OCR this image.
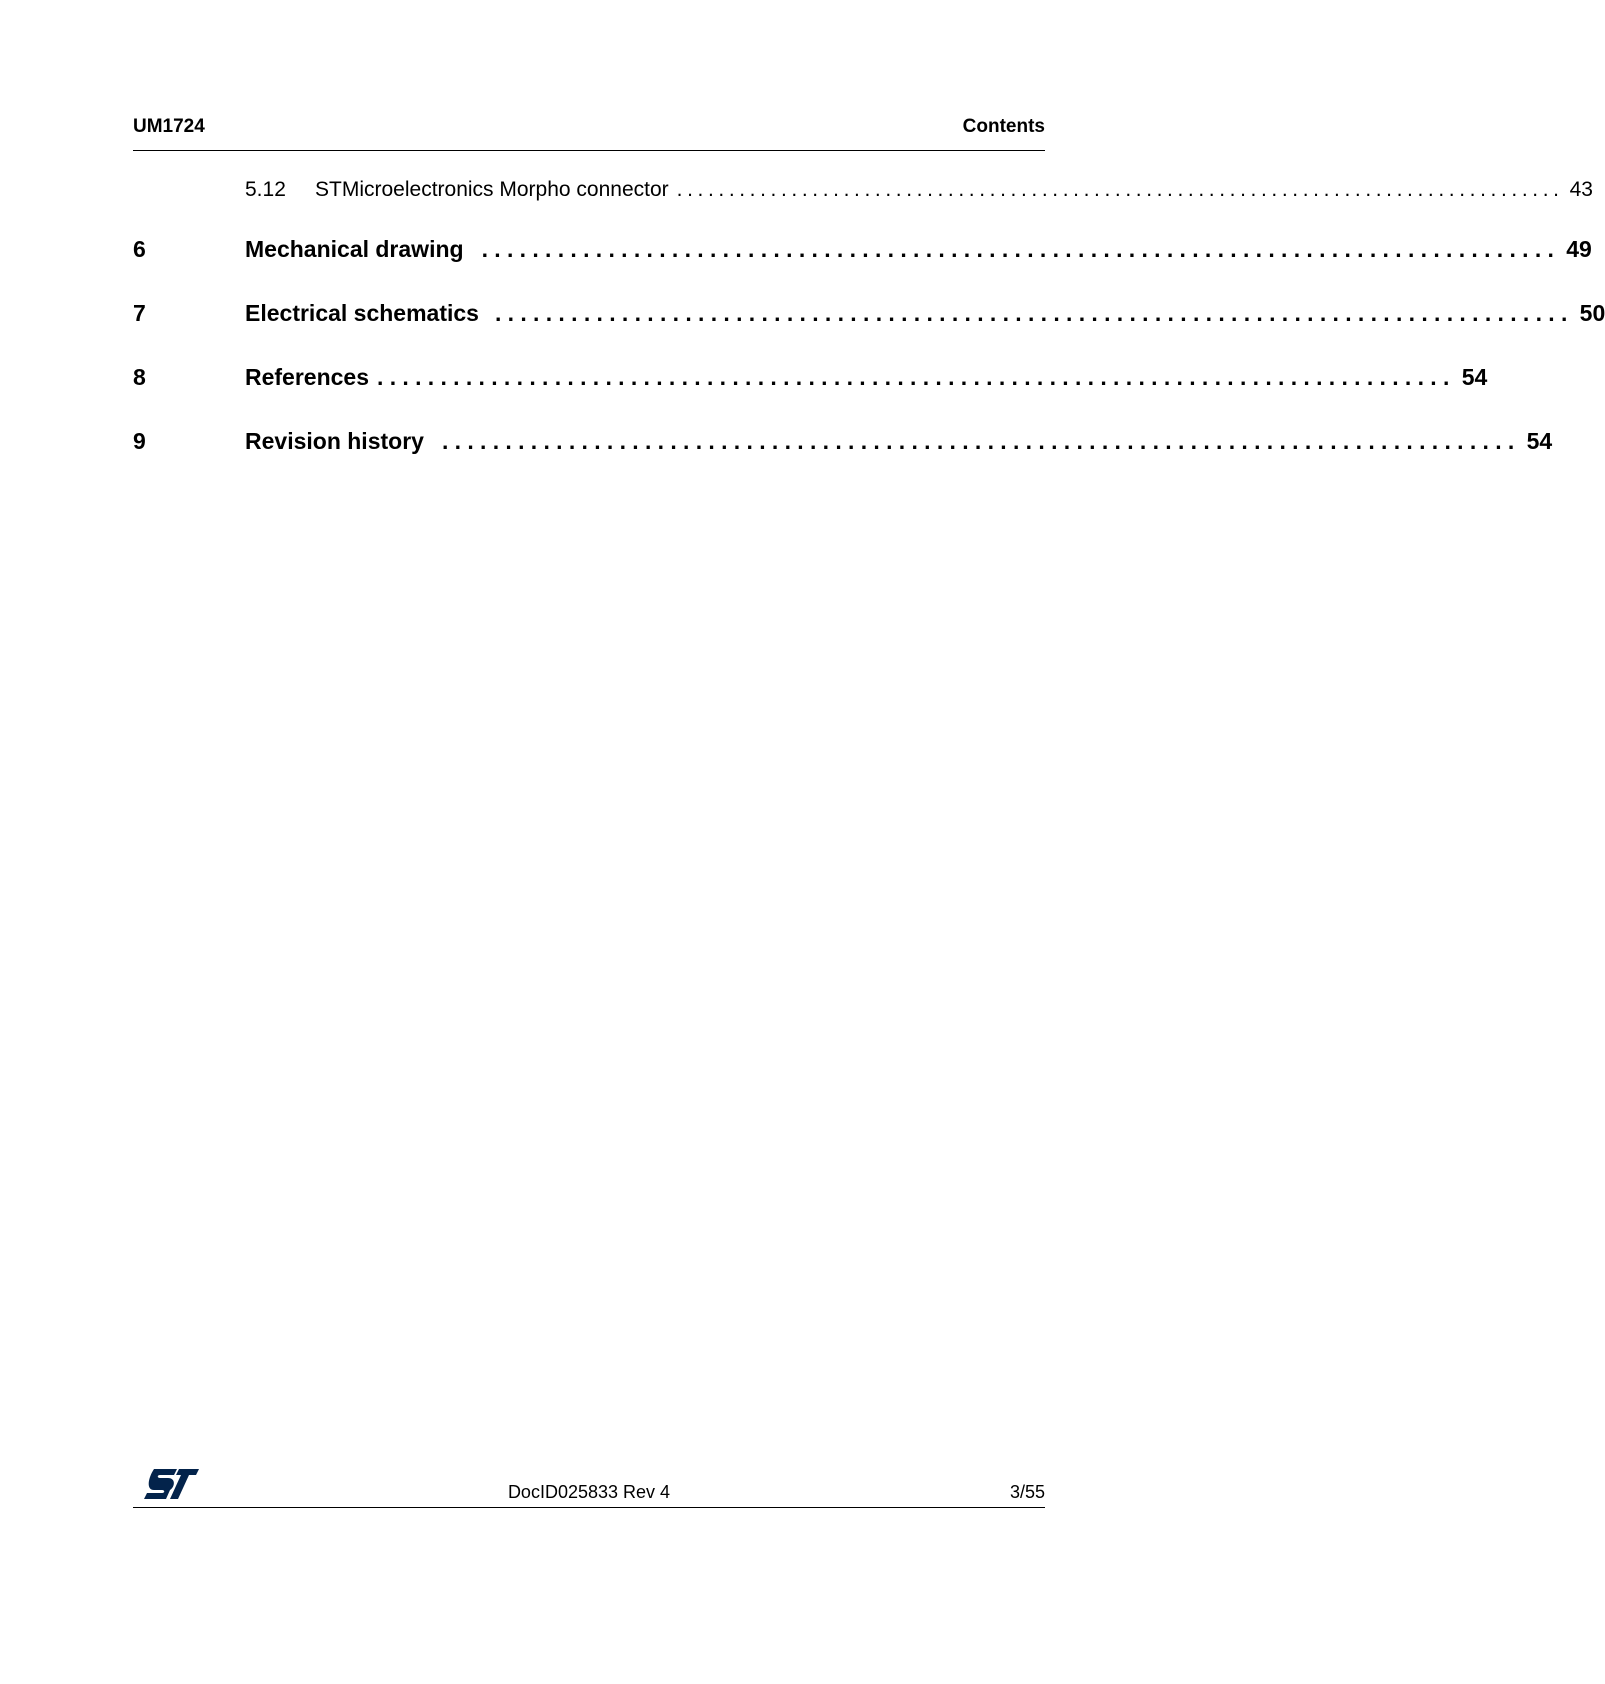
UM1724	Contents
5.12	STMicroelectronics Morpho connector ..................................................................................... 43
6	Mechanical drawing ..................................................................................... 49
7	Electrical schematics ..................................................................................... 50
8	References ..................................................................................... 54
9	Revision history ..................................................................................... 54
DocID025833 Rev 4	3/55
